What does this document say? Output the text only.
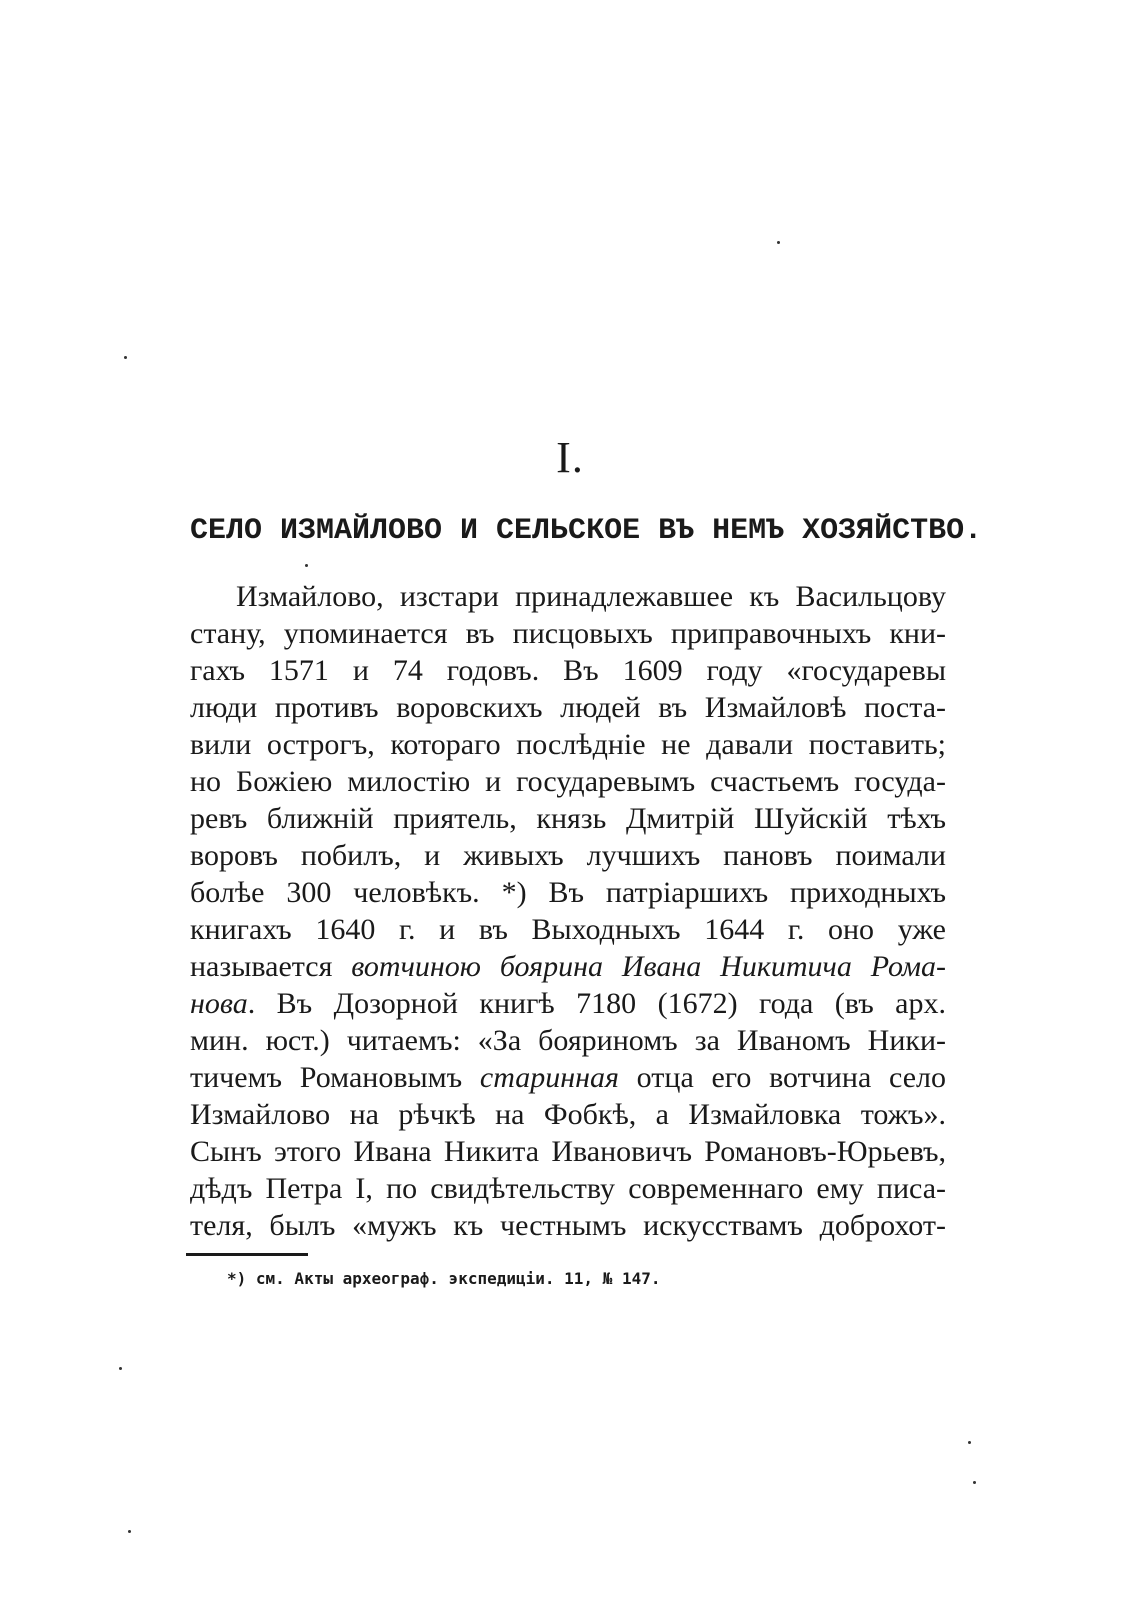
I.
СЕЛО ИЗМАЙЛОВО И СЕЛЬСКОЕ ВЪ НЕМЪ ХОЗЯЙСТВО.
Измайлово, изстари принадлежавшее къ Васильцову
стану, упоминается въ писцовыхъ приправочныхъ кни-
гахъ 1571 и 74 годовъ. Въ 1609 году «государевы
люди противъ воровскихъ людей въ Измайловѣ поста-
вили острогъ, котораго послѣдніе не давали поставить;
но Божіею милостію и государевымъ счастьемъ госуда-
ревъ ближній приятель, князь Дмитрій Шуйскій тѣхъ
воровъ побилъ, и живыхъ лучшихъ пановъ поимали
болѣе 300 человѣкъ. *) Въ патріаршихъ приходныхъ
книгахъ 1640 г. и въ Выходныхъ 1644 г. оно уже
называется вотчиною боярина Ивана Никитича Рома-
нова. Въ Дозорной книгѣ 7180 (1672) года (въ арх.
мин. юст.) читаемъ: «За бояриномъ за Иваномъ Ники-
тичемъ Романовымъ старинная отца его вотчина село
Измайлово на рѣчкѣ на Фобкѣ, а Измайловка тожъ».
Сынъ этого Ивана Никита Ивановичъ Романовъ-Юрьевъ,
дѣдъ Петра I, по свидѣтельству современнаго ему писа-
теля, былъ «мужъ къ честнымъ искусствамъ доброхот-
*) см. Акты археограф. экспедиціи. 11, № 147.
